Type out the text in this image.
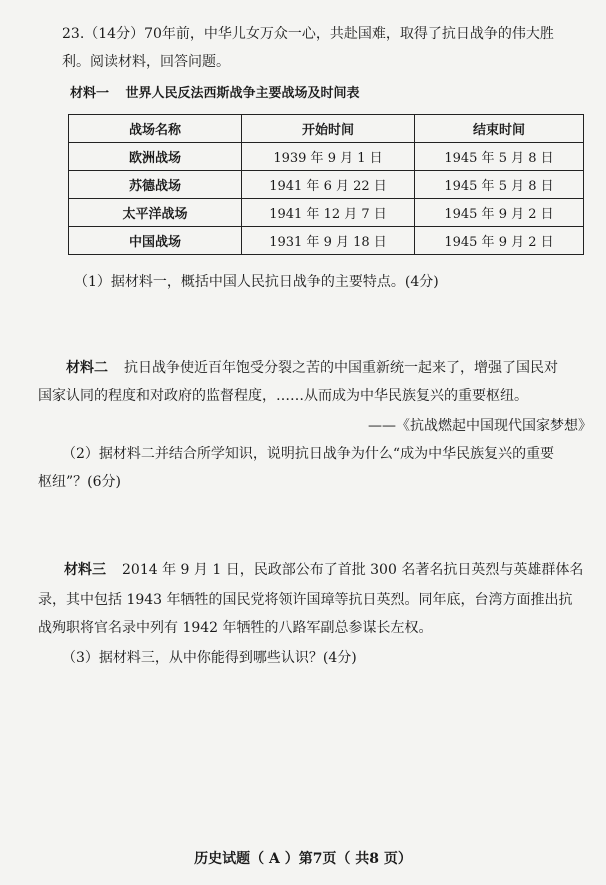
23.（14分）70年前，中华儿女万众一心，共赴国难，取得了抗日战争的伟大胜
利。阅读材料，回答问题。
材料一 世界人民反法西斯战争主要战场及时间表
战场名称	开始时间	结束时间
欧洲战场	1939 年 9 月 1 日	1945 年 5 月 8 日
苏德战场	1941 年 6 月 22 日	1945 年 5 月 8 日
太平洋战场	1941 年 12 月 7 日	1945 年 9 月 2 日
中国战场	1931 年 9 月 18 日	1945 年 9 月 2 日
（1）据材料一，概括中国人民抗日战争的主要特点。(4分)
材料二 抗日战争使近百年饱受分裂之苦的中国重新统一起来了，增强了国民对
国家认同的程度和对政府的监督程度，……从而成为中华民族复兴的重要枢纽。
——《抗战燃起中国现代国家梦想》
（2）据材料二并结合所学知识，说明抗日战争为什么“成为中华民族复兴的重要
枢纽”？(6分)
材料三 2014 年 9 月 1 日，民政部公布了首批 300 名著名抗日英烈与英雄群体名
录，其中包括 1943 年牺牲的国民党将领许国璋等抗日英烈。同年底，台湾方面推出抗
战殉职将官名录中列有 1942 年牺牲的八路军副总参谋长左权。
（3）据材料三，从中你能得到哪些认识？(4分)
历史试题（ A ）第7页（ 共8 页）
